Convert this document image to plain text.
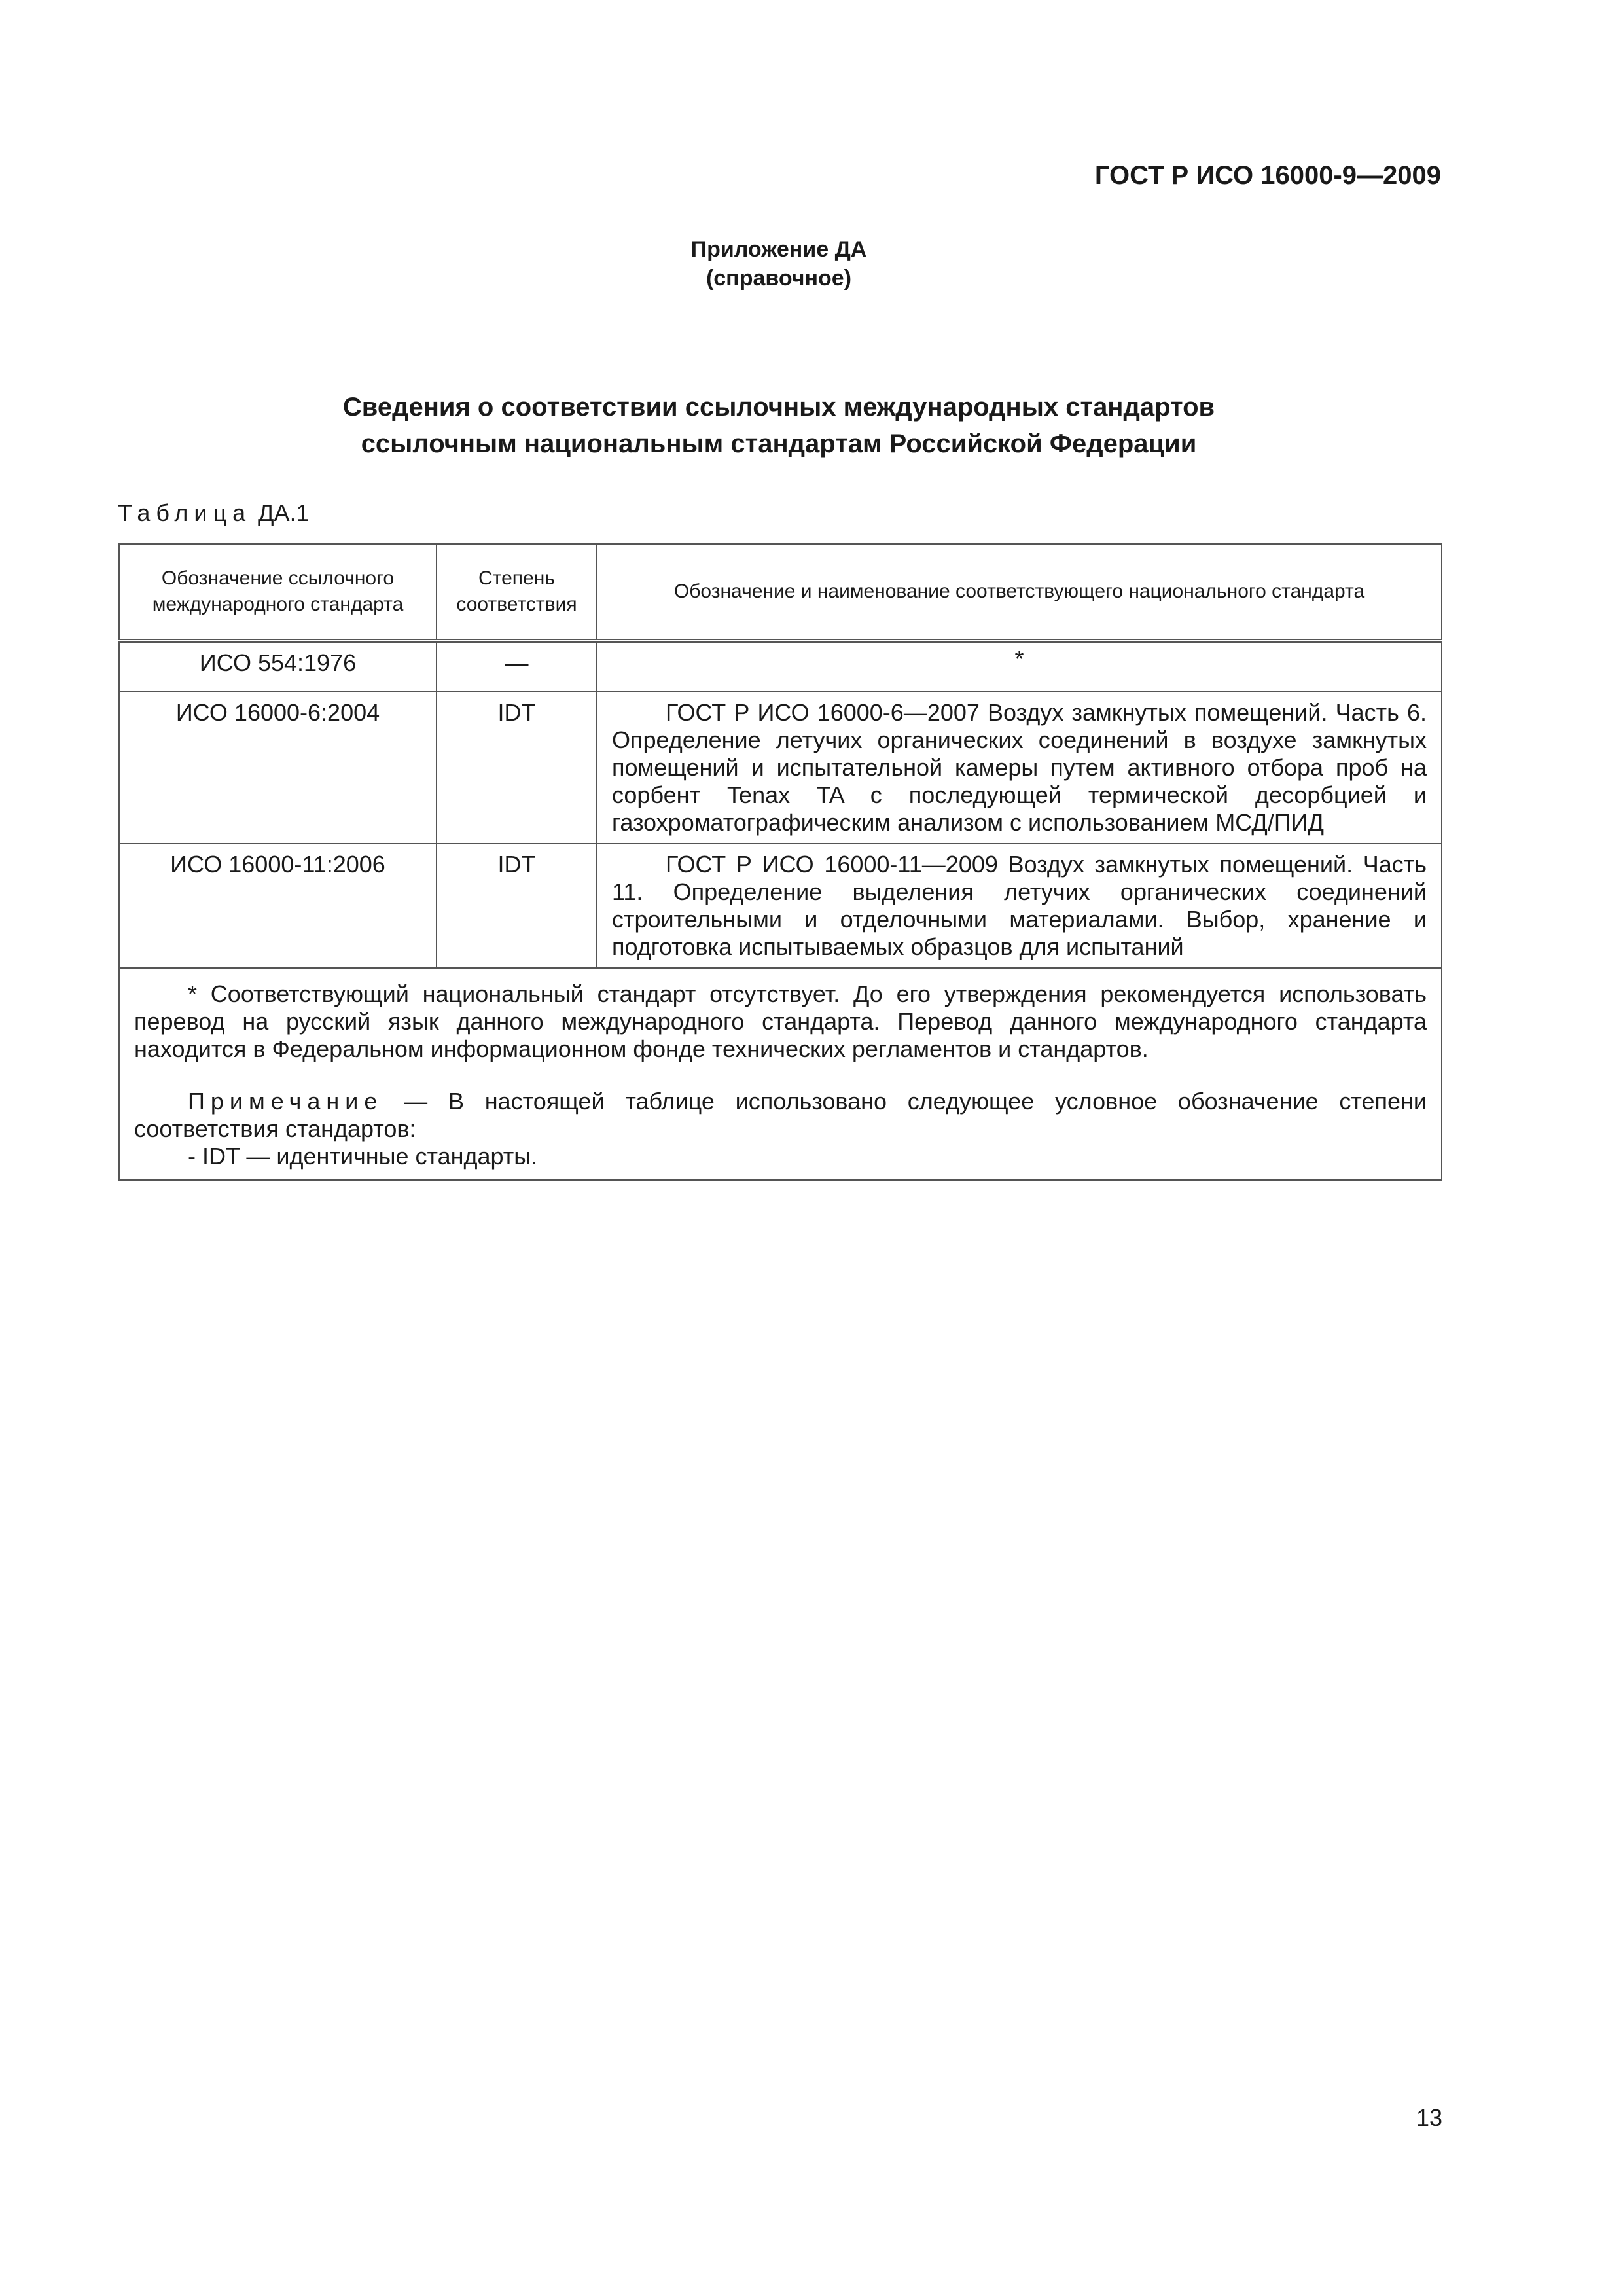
ГОСТ Р ИСО 16000-9—2009
Приложение ДА
(справочное)
Сведения о соответствии ссылочных международных стандартов
ссылочным национальным стандартам Российской Федерации
Таблица ДА.1
Обозначение ссылочного международного стандарта	Степень соответствия	Обозначение и наименование соответствующего национального стандарта
ИСО 554:1976	—	*
ИСО 16000-6:2004	IDT	ГОСТ Р ИСО 16000-6—2007 Воздух замкнутых помещений. Часть 6. Определение летучих органических соединений в воздухе замкнутых помещений и испытательной камеры путем активного отбора проб на сорбент Tenax TA с последующей термической десорбцией и газохроматографическим анализом с использованием МСД/ПИД
ИСО 16000-11:2006	IDT	ГОСТ Р ИСО 16000-11—2009 Воздух замкнутых помещений. Часть 11. Определение выделения летучих органических соединений строительными и отделочными материалами. Выбор, хранение и подготовка испытываемых образцов для испытаний

* Соответствующий национальный стандарт отсутствует. До его утверждения рекомендуется использовать перевод на русский язык данного международного стандарта. Перевод данного международного стандарта находится в Федеральном информационном фонде технических регламентов и стандартов.

Примечание — В настоящей таблице использовано следующее условное обозначение степени соответствия стандартов:

- IDT — идентичные стандарты.		

13
